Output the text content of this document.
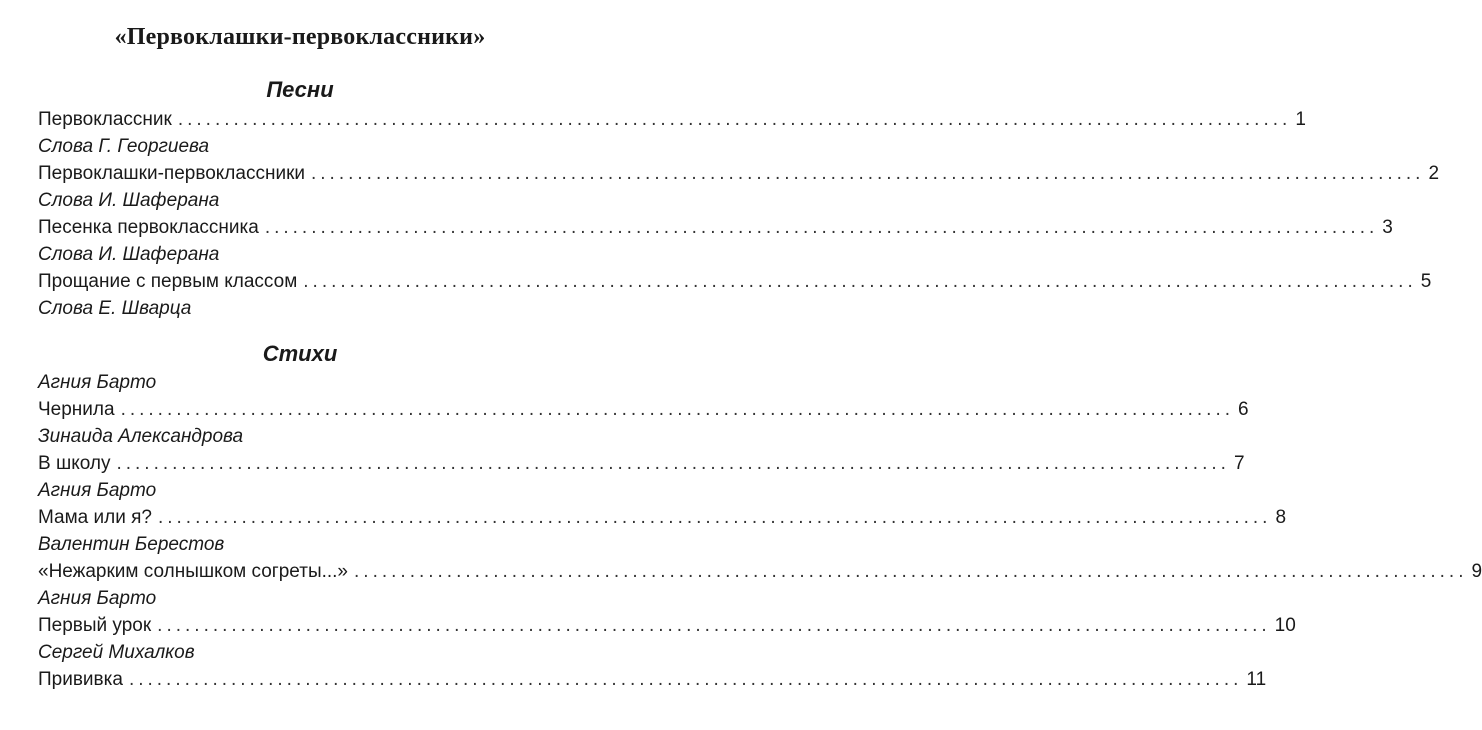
«Первоклашки-первоклассники»
Песни
Первоклассник ........................................................................................................................ 1
Слова Г. Георгиева
Первоклашки-первоклассники ........................................................................................................................ 2
Слова И. Шаферана
Песенка первоклассника ........................................................................................................................ 3
Слова И. Шаферана
Прощание с первым классом ........................................................................................................................ 5
Слова Е. Шварца
Стихи
Агния Барто
Чернила ........................................................................................................................ 6
Зинаида Александрова
В школу ........................................................................................................................ 7
Агния Барто
Мама или я? ........................................................................................................................ 8
Валентин Берестов
«Нежарким солнышком согреты...» ........................................................................................................................ 9
Агния Барто
Первый урок ........................................................................................................................ 10
Сергей Михалков
Прививка ........................................................................................................................ 11
